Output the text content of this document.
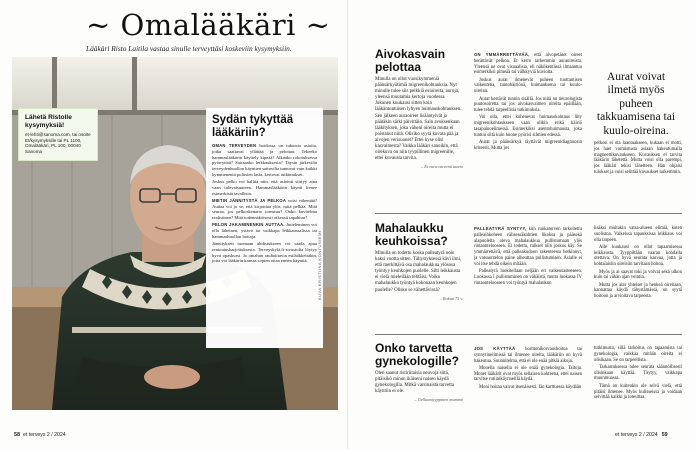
~ Omalääkäri ~
Lääkäri Risto Laitila vastaa sinulle terveyttäsi koskeviin kysymyksiin.
Lähetä Ristolle kysymyksiä!
et-lehti@sanoma.com, tai osoite Et/kysymyksille tai PL 1100, Omalääkäri, PL 100, 00040 Sanoma
Sydän tykyttää lääkäriin?

OMAN TERVEYDEN hoidossa on tukuisia asioita, jotka saattavat yllättää ja pelottaa. Tekeekö hammaslääkärin käyttely kipeää? Alkaako rokotuksessa pyörryttää? Sairaanko leikkauksesta? Täysin järkeviltä terveydenhuollon käyntien sattuvilta tuntuvat vain kaikki kymmenentä poliisien lasta, kertovat tutkimukset.

Joskus pelko voi hallita niin, että asiointi siirtyy aina vaan tulevaisuuteen. Hammaslääkärin käynti lienee esimerkistä tavallisin.

MIETIN JÄNNITYSTÄ JA PELKOA voisi vähentää? Auttaa voi jo se, että kirjoittaa ylös, mitä pelkää. Mitä seuraa, jos pelkoskenario toteutuu? Onko kuvitelma realistinen? Mitä todennäköisesti oikeasti tapahtuu?

PELON JAKAMINENKIN AUTTAA. Jutteleminen voi olla läheinen, ystävä tai vaikkapa leikkaussalissa tai hammashuollon hoitaja.

Jännityksen tuomaan ahdistukseen voi saada apua rentoutusharjoituksesta. Terveyskylä.fi-sivustolta löytyy hyvä opaskursi. Ja omahan rauhoittavia esilääkkeitäkin, joita voi lääkärin kanssa sopien ottaa ennen käyntiä.	KUVA KRISTIINA KONTUNIEMI
58 et terveys 2 / 2024
Aivokasvain pelottaa
Minulla on ollut vuosikymmeniä päänsärkyötimiä migreenikohtauksia. Nyt minulle tulee siis pelkkiä esioireita, auroja, yleensä muutamia kertoja vuodessa. Jokunen kuukausi sitten koin lääkäntuntuisen lyhyen huimauskohtauksen. Sen jälkeen auraoireet lisääntyivät ja päätäkin särki päivittäin. Sain avuksenkaan lääkityksen, joka väheni oireita mutta ei poistanut niitä. Olisiko syytä kuvata pää ja aivojen verisuonet? Ettei kyse olisi kasvaimesta? Vaikka lääkäri sanoikin, että oirekuva on niin tyypillinen migreenille, ettei kuvausta tarvita.
– Et vara varvenä tuzzio

ON YMMÄRRETTÄVÄÄ, että aivopetäset oireet herättävät pelkoa. Et kerro tarkemmin auraoireista. Yleensä ne ovat visuaalisia, eli näkökentässä ilmaantuu esimerkiksi pimeää tai välkkyviä kuvioita.

Joskus aurat ilmenevät puheen tuottamisen vaikeutena, tuntohäiriönä, huimauksena tai kuulo-oireina.

Aurat kestävät tunnin sisällä. Jos niitä on neurologista puutosoiretta tai jos aivokasvaimen oireita epäillään, tulee tehdä tarpeellisia tutkimuksia.

Voi olla, ettei kohenevat huimauskohtaus liity migreenikohtaukseen vaan olikin erikä häiriö tasapainoelimessä. Esimerkiksi asentohuimausta, joka tuntuu siltä kuin huone pyörisi silmien edessä.

Aurat ja päänsärkyä täyttävät migreenidiagnoosin kriteerit. Mutta jos

Aurat voivat ilmetä myös puheen takkuamisena tai kuulo-oireina.

pelkosi ei ota laantuakseen, kukaan ei motti, jos haet varmistusta asiaan hakeutumalla magneettikuvaukseen. Kuvauksen ei tarvita lääkärin lähetettä. Mutta voisi olla parempi, jos lääkäri tekisi lähetteen. Hän ohjaisi tulokset ja voisi selittää kuvaukset tarkemmin.

Mahalaukku keuhkoissa?
Minulla on todettu koska palleatyrä noin kaksi vuotta sitten. Tähystyksessä kävi ilmi, että merkittävä osa mahalaukkua ylösosa työntyy keuhkojen puolelle. Silti leikkausta ei vielä mielellään tehtäisi. Voiko mahalaukku työntyä kokonaan keuhkojen puolelle? Olisko se vähettävissä?
– Rokua 73 v.

PALLEATYRÄ SYNTYY, kun ruokatorven tarkoitettu palleaihkoheen välisessäkohtien likoksa ja pääsekä alapuolelta oleva mahalaukkua pullistumaan ylös rintaontelooseen. Ei todettu, mikset niin joskus käy. Se ymmärrettävä, että palleakudoon rakenteesta hetkinnyt, ja vatsaontelon paine aiheuttaa pullistumisen. Asialle ei voi itse tehdä oikein mitään.

Palleatyrä luokitellaan neljään eri vaikeusasteeseen. Luokassa I pullistuminen on vähäistä, mutta luokassa IV rintaontelooseen voi työntyä mahalaukun

lisäksi muitakin vatsa-alueen elimiä, kuten suolistoa. Vaikeissa tapauksissa leikkaus voi olla tarpeen.

Alle kuukausi on ollut tapaamisessa leikkausta. Tyyppiltään vaaran kohdalla otettava. On hyvä seurata kasvua, jotta ja kohtalaisiin oireisiin tarvitaan hoitoa.

Myös ja ai saavat toki ja voivat sekä ulkon kuin tai vähän ajan vointia.

Mutta jos alar yhteiset ja henkeä oireitaan, kannattaa käydä tähystämässä, on syytä hoitoon ja arvioitava tarpeesta.

Onko tarvetta gynekologille?
Olen saanut ristiriitaisia neuvoja siitä, pitäisikö minun ikäiseni naisen käydä gynekologilla. Mitkä varsinaista tarvetta käyntiin ei ole.
– Gellaantyyppinen mummo

JOS KÄYTTÄÄ hormonikorvaushoitoa tai synnytinelimissä tai ilmenee oireita, lääkäriin on hyvä hakeutua. Suunnitelma, että ei ole enää pitkiä aikoja.

Monella naisella ei ole enää gynekologia. Taitoja. Monet lääkärit ovat myös sellaisen kohteena, ettei naisen tarvitse rutiinikäynneillä käydä.

Moni hoitaa vaivat itsenäisesti. Iän karttuessa käydään

tutkimusta, sillä tarkoitus on tapaamista tai gynekologia, vaikkaa mitään oireita ei olisikaan. Se on tarpeellista.

Tarkastuksessa tulee seurata säännöllisesti olisinkaan käyttää. Täytyy, vaikkapa muunmuassa.

Tämä on kuitenkin ole selvä vielä, että pitäisi ilmenee. Myös kulisseissa ja voidaan selvittää kaikki ja toteuttaa.

et terveys 2 / 2024 59
